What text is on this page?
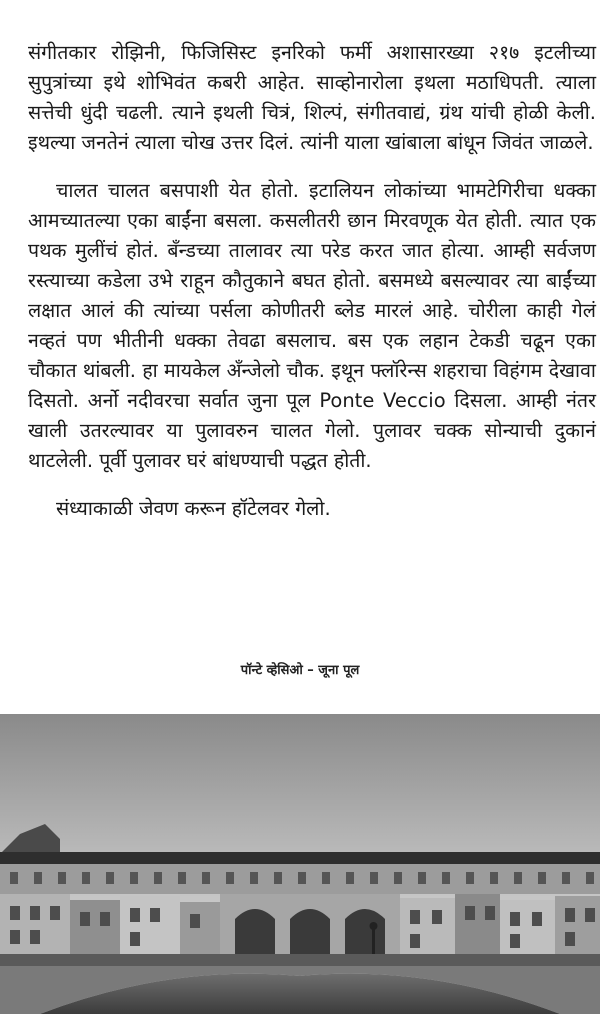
संगीतकार रोझिनी, फिजिसिस्ट इनरिको फर्मी अशासारख्या २१७ इटलीच्या सुपुत्रांच्या इथे शोभिवंत कबरी आहेत. साव्होनारोला इथला मठाधिपती. त्याला सत्तेची धुंदी चढली. त्याने इथली चित्रं, शिल्पं, संगीतवाद्यं, ग्रंथ यांची होळी केली. इथल्या जनतेनं त्याला चोख उत्तर दिलं. त्यांनी याला खांबाला बांधून जिवंत जाळले.

चालत चालत बसपाशी येत होतो. इटालियन लोकांच्या भामटेगिरीचा धक्का आमच्यातल्या एका बाईंना बसला. कसलीतरी छान मिरवणूक येत होती. त्यात एक पथक मुलींचं होतं. बँन्डच्या तालावर त्या परेड करत जात होत्या. आम्ही सर्वजण रस्त्याच्या कडेला उभे राहून कौतुकाने बघत होतो. बसमध्ये बसल्यावर त्या बाईंच्या लक्षात आलं की त्यांच्या पर्सला कोणीतरी ब्लेड मारलं आहे. चोरीला काही गेलं नव्हतं पण भीतीनी धक्का तेवढा बसलाच. बस एक लहान टेकडी चढून एका चौकात थांबली. हा मायकेल अँन्जेलो चौक. इथून फ्लॉरेन्स शहराचा विहंगम देखावा दिसतो. अर्नो नदीवरचा सर्वात जुना पूल Ponte Veccio दिसला. आम्ही नंतर खाली उतरल्यावर या पुलावरुन चालत गेलो. पुलावर चक्क सोन्याची दुकानं थाटलेली. पूर्वी पुलावर घरं बांधण्याची पद्धत होती.

संध्याकाळी जेवण करून हॉटेलवर गेलो.

पॉन्टे व्हेसिओ – जूना पूल
